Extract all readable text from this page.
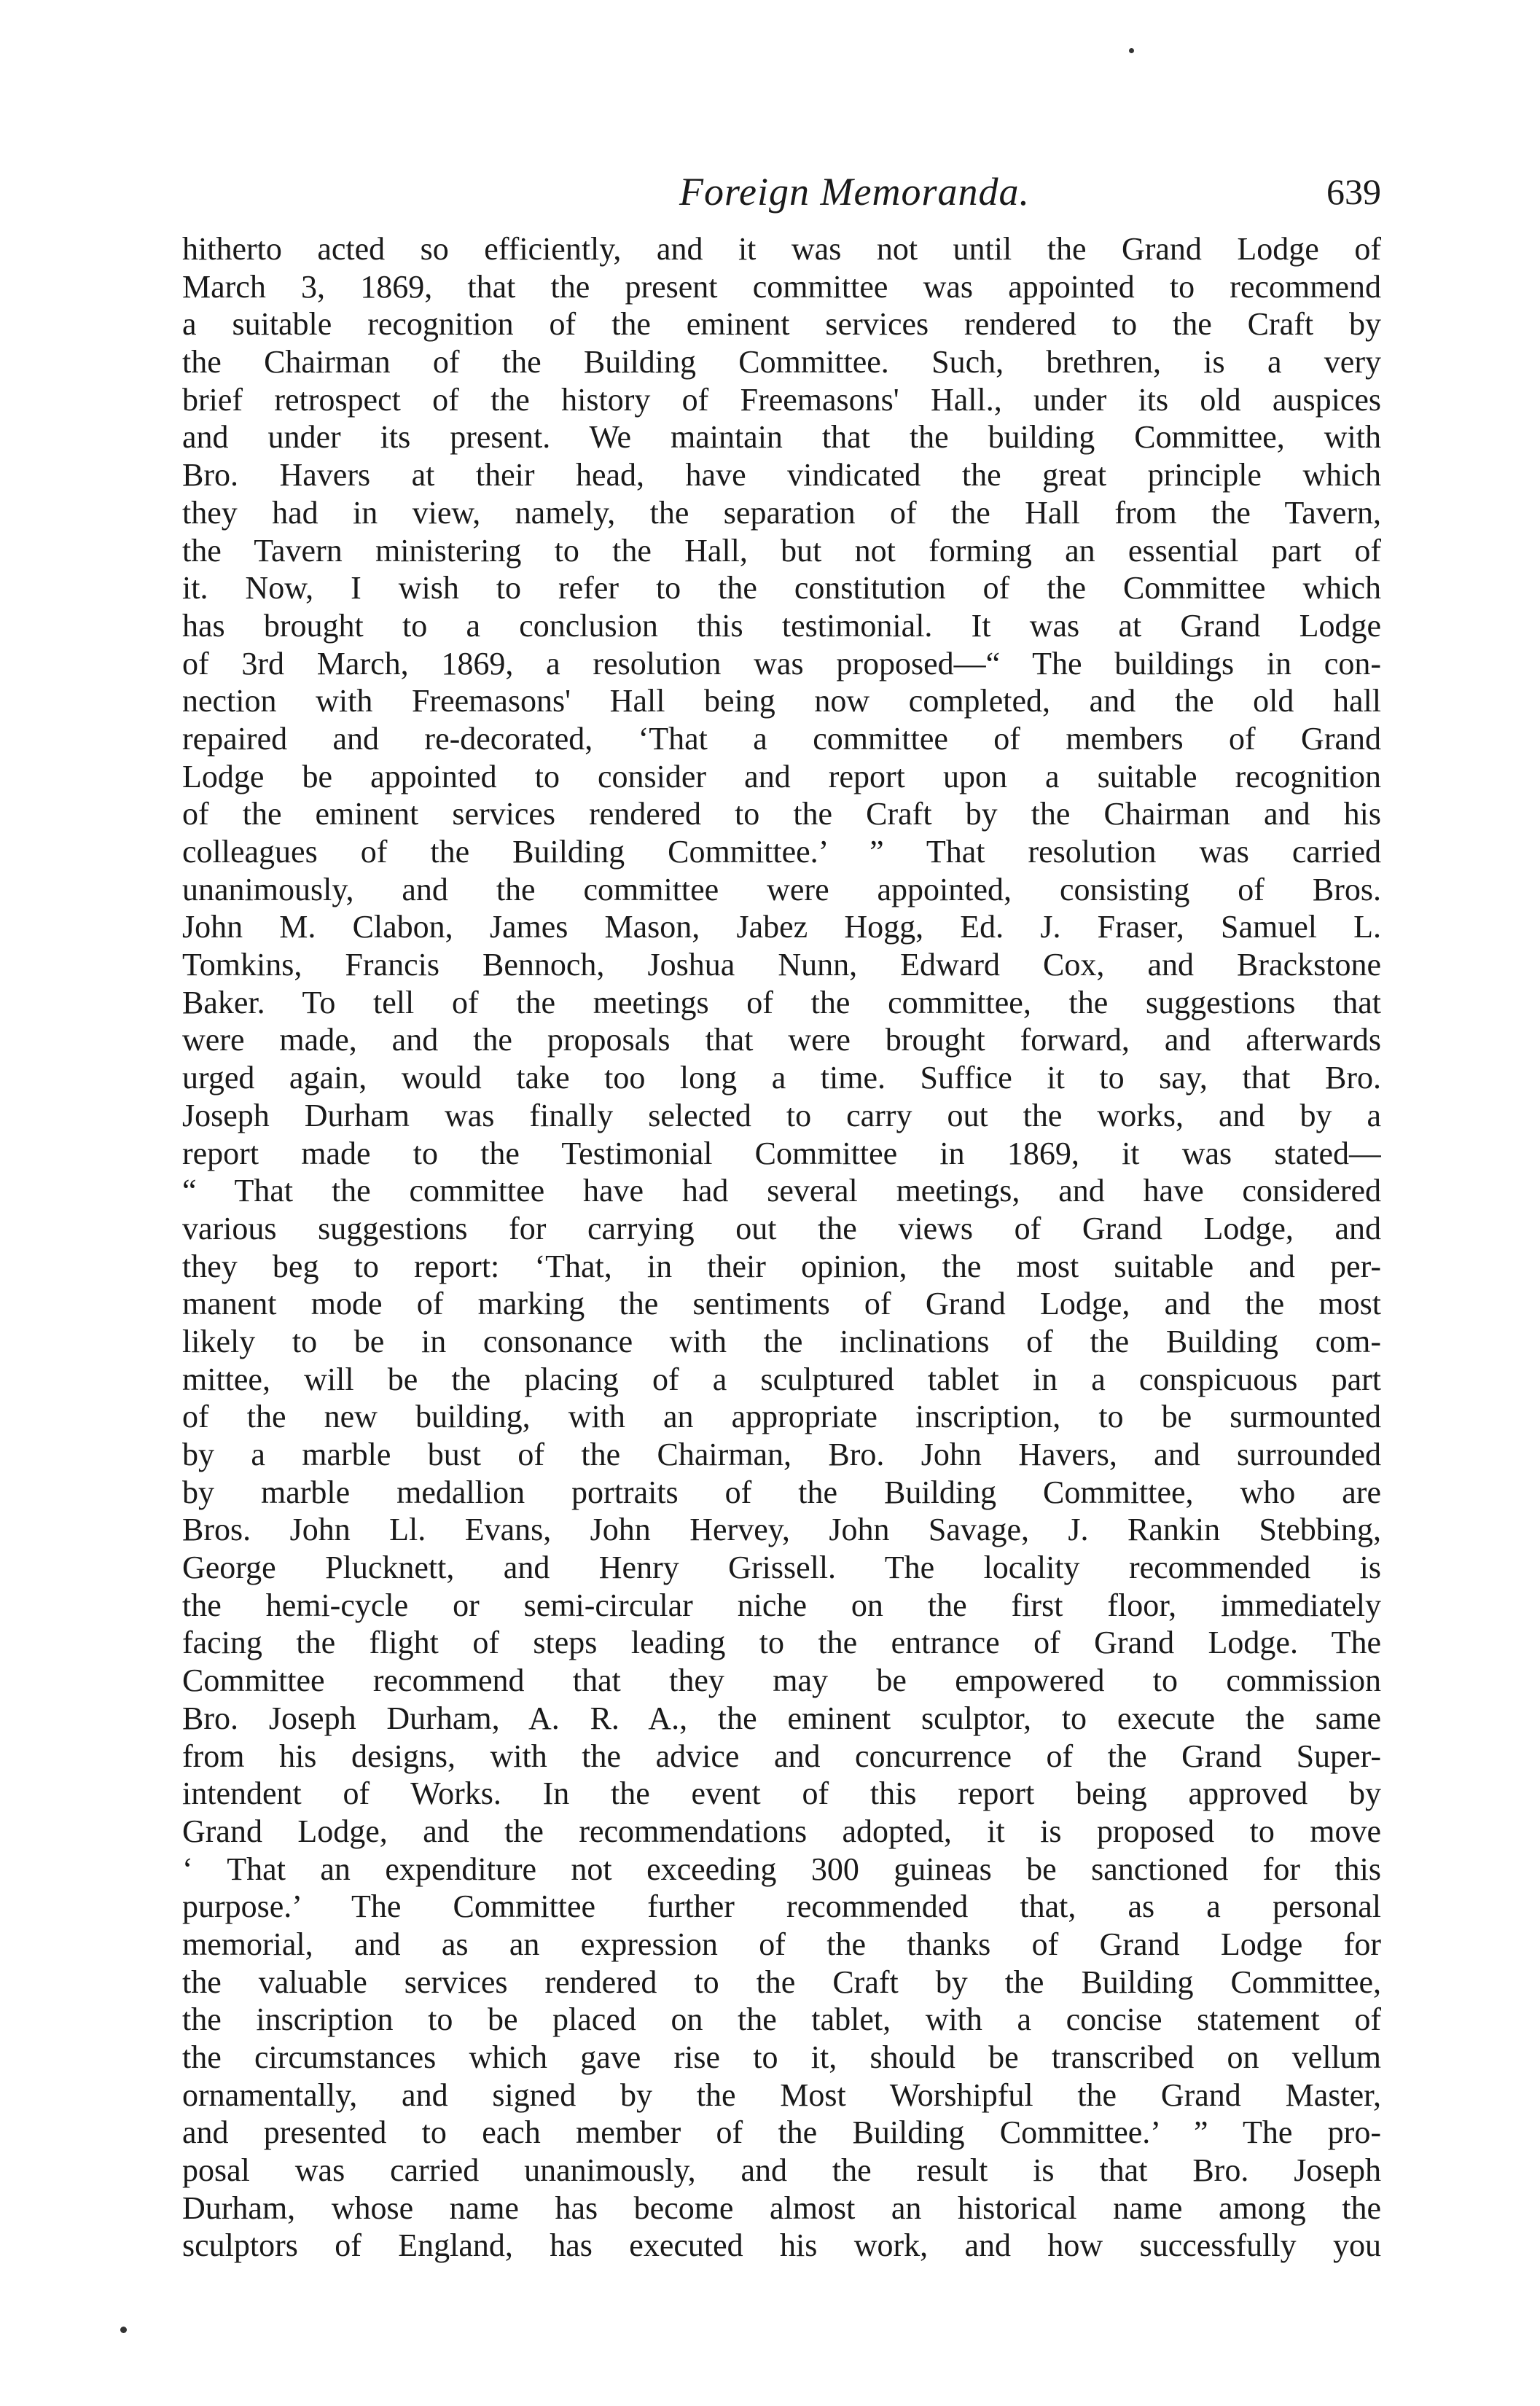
Foreign Memoranda.	639
hitherto acted so efficiently, and it was not until the Grand Lodge of
March 3, 1869, that the present committee was appointed to recommend
a suitable recognition of the eminent services rendered to the Craft by
the Chairman of the Building Committee. Such, brethren, is a very
brief retrospect of the history of Freemasons' Hall., under its old auspices
and under its present. We maintain that the building Committee, with
Bro. Havers at their head, have vindicated the great principle which
they had in view, namely, the separation of the Hall from the Tavern,
the Tavern ministering to the Hall, but not forming an essential part of
it. Now, I wish to refer to the constitution of the Committee which
has brought to a conclusion this testimonial. It was at Grand Lodge
of 3rd March, 1869, a resolution was proposed—“ The buildings in con-
nection with Freemasons' Hall being now completed, and the old hall
repaired and re-decorated, ‘That a committee of members of Grand
Lodge be appointed to consider and report upon a suitable recognition
of the eminent services rendered to the Craft by the Chairman and his
colleagues of the Building Committee.’ ” That resolution was carried
unanimously, and the committee were appointed, consisting of Bros.
John M. Clabon, James Mason, Jabez Hogg, Ed. J. Fraser, Samuel L.
Tomkins, Francis Bennoch, Joshua Nunn, Edward Cox, and Brackstone
Baker. To tell of the meetings of the committee, the suggestions that
were made, and the proposals that were brought forward, and afterwards
urged again, would take too long a time. Suffice it to say, that Bro.
Joseph Durham was finally selected to carry out the works, and by a
report made to the Testimonial Committee in 1869, it was stated—
“ That the committee have had several meetings, and have considered
various suggestions for carrying out the views of Grand Lodge, and
they beg to report: ‘That, in their opinion, the most suitable and per-
manent mode of marking the sentiments of Grand Lodge, and the most
likely to be in consonance with the inclinations of the Building com-
mittee, will be the placing of a sculptured tablet in a conspicuous part
of the new building, with an appropriate inscription, to be surmounted
by a marble bust of the Chairman, Bro. John Havers, and surrounded
by marble medallion portraits of the Building Committee, who are
Bros. John Ll. Evans, John Hervey, John Savage, J. Rankin Stebbing,
George Plucknett, and Henry Grissell. The locality recommended is
the hemi-cycle or semi-circular niche on the first floor, immediately
facing the flight of steps leading to the entrance of Grand Lodge. The
Committee recommend that they may be empowered to commission
Bro. Joseph Durham, A. R. A., the eminent sculptor, to execute the same
from his designs, with the advice and concurrence of the Grand Super-
intendent of Works. In the event of this report being approved by
Grand Lodge, and the recommendations adopted, it is proposed to move
‘ That an expenditure not exceeding 300 guineas be sanctioned for this
purpose.’ The Committee further recommended that, as a personal
memorial, and as an expression of the thanks of Grand Lodge for
the valuable services rendered to the Craft by the Building Committee,
the inscription to be placed on the tablet, with a concise statement of
the circumstances which gave rise to it, should be transcribed on vellum
ornamentally, and signed by the Most Worshipful the Grand Master,
and presented to each member of the Building Committee.’ ” The pro-
posal was carried unanimously, and the result is that Bro. Joseph
Durham, whose name has become almost an historical name among the
sculptors of England, has executed his work, and how successfully you
